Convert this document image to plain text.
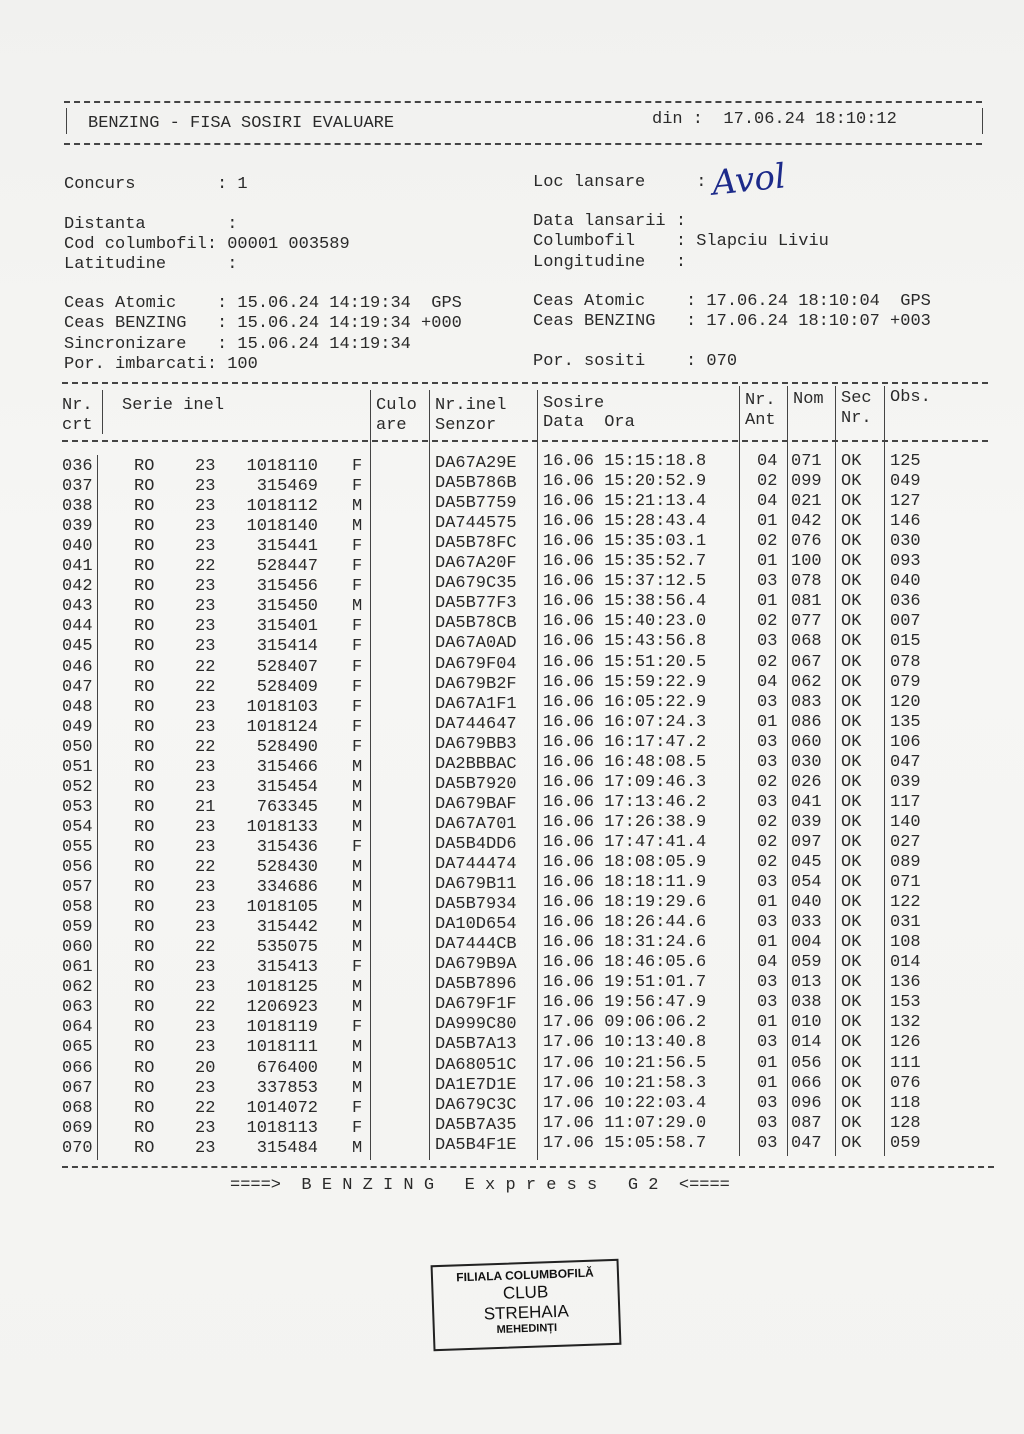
BENZING - FISA SOSIRI EVALUARE	din :  17.06.24 18:10:12
Concurs        : 1	Loc lansare     : Avol
Distanta        :	Data lansarii :
Cod columbofil: 00001 003589	Columbofil    : Slapciu Liviu
Latitudine      :	Longitudine   :
Ceas Atomic    : 15.06.24 14:19:34  GPS	Ceas Atomic    : 17.06.24 18:10:04  GPS
Ceas BENZING   : 15.06.24 14:19:34 +000	Ceas BENZING   : 17.06.24 18:10:07 +003
Sincronizare   : 15.06.24 14:19:34
Por. imbarcati: 100	Por. sositi    : 070
Nr.
crt
Serie inel	Culo
are
Nr.inel
Senzor
Sosire
Data  Ora
Nr.
Ant
Nom Sec
Nr.
Obs.
036 RO 23 1018110 F	DA67A29E 16.06 15:15:18.8	04 071 OK 125
037 RO 23 315469 F	DA5B786B 16.06 15:20:52.9	02 099 OK 049
038 RO 23 1018112 M	DA5B7759 16.06 15:21:13.4	04 021 OK 127
039 RO 23 1018140 M	DA744575 16.06 15:28:43.4	01 042 OK 146
040 RO 23 315441 F	DA5B78FC 16.06 15:35:03.1	02 076 OK 030
041 RO 22 528447 F	DA67A20F 16.06 15:35:52.7	01 100 OK 093
042 RO 23 315456 F	DA679C35 16.06 15:37:12.5	03 078 OK 040
043 RO 23 315450 M	DA5B77F3 16.06 15:38:56.4	01 081 OK 036
044 RO 23 315401 F	DA5B78CB 16.06 15:40:23.0	02 077 OK 007
045 RO 23 315414 F	DA67A0AD 16.06 15:43:56.8	03 068 OK 015
046 RO 22 528407 F	DA679F04 16.06 15:51:20.5	02 067 OK 078
047 RO 22 528409 F	DA679B2F 16.06 15:59:22.9	04 062 OK 079
048 RO 23 1018103 F	DA67A1F1 16.06 16:05:22.9	03 083 OK 120
049 RO 23 1018124 F	DA744647 16.06 16:07:24.3	01 086 OK 135
050 RO 22 528490 F	DA679BB3 16.06 16:17:47.2	03 060 OK 106
051 RO 23 315466 M	DA2BBBAC 16.06 16:48:08.5	03 030 OK 047
052 RO 23 315454 M	DA5B7920 16.06 17:09:46.3	02 026 OK 039
053 RO 21 763345 M	DA679BAF 16.06 17:13:46.2	03 041 OK 117
054 RO 23 1018133 M	DA67A701 16.06 17:26:38.9	02 039 OK 140
055 RO 23 315436 F	DA5B4DD6 16.06 17:47:41.4	02 097 OK 027
056 RO 22 528430 M	DA744474 16.06 18:08:05.9	02 045 OK 089
057 RO 23 334686 M	DA679B11 16.06 18:18:11.9	03 054 OK 071
058 RO 23 1018105 M	DA5B7934 16.06 18:19:29.6	01 040 OK 122
059 RO 23 315442 M	DA10D654 16.06 18:26:44.6	03 033 OK 031
060 RO 22 535075 M	DA7444CB 16.06 18:31:24.6	01 004 OK 108
061 RO 23 315413 F	DA679B9A 16.06 18:46:05.6	04 059 OK 014
062 RO 23 1018125 M	DA5B7896 16.06 19:51:01.7	03 013 OK 136
063 RO 22 1206923 M	DA679F1F 16.06 19:56:47.9	03 038 OK 153
064 RO 23 1018119 F	DA999C80 17.06 09:06:06.2	01 010 OK 132
065 RO 23 1018111 M	DA5B7A13 17.06 10:13:40.8	03 014 OK 126
066 RO 20 676400 M	DA68051C 17.06 10:21:56.5	01 056 OK 111
067 RO 23 337853 M	DA1E7D1E 17.06 10:21:58.3	01 066 OK 076
068 RO 22 1014072 F	DA679C3C 17.06 10:22:03.4	03 096 OK 118
069 RO 23 1018113 F	DA5B7A35 17.06 11:07:29.0	03 087 OK 128
070 RO 23 315484 M	DA5B4F1E 17.06 15:05:58.7	03 047 OK 059
====>  B E N Z I N G   E x p r e s s   G 2  <====
FILIALA COLUMBOFILĂ
CLUB
STREHAIA
MEHEDINȚI
